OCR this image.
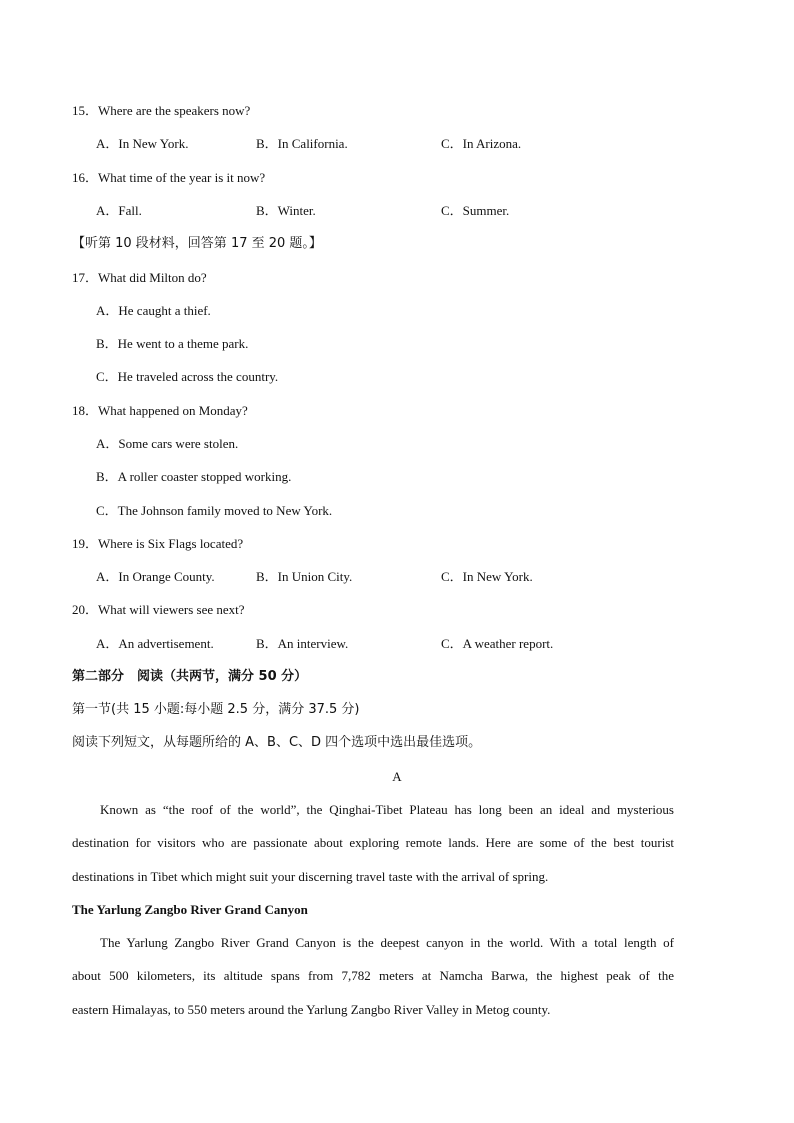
15．Where are the speakers now?
A．In New York.	B．In California.	C．In Arizona.
16．What time of the year is it now?
A．Fall.	B．Winter.	C．Summer.
【听第 10 段材料，回答第 17 至 20 题。】
17．What did Milton do?
A．He caught a thief.
B．He went to a theme park.
C．He traveled across the country.
18．What happened on Monday?
A．Some cars were stolen.
B．A roller coaster stopped working.
C．The Johnson family moved to New York.
19．Where is Six Flags located?
A．In Orange County.	B．In Union City.	C．In New York.
20．What will viewers see next?
A．An advertisement.	B．An interview.	C．A weather report.
第二部分　阅读（共两节，满分 50 分）
第一节(共 15 小题:每小题 2.5 分，满分 37.5 分)
阅读下列短文，从每题所给的 A、B、C、D 四个选项中选出最佳选项。
A
Known as “the roof of the world”, the Qinghai-Tibet Plateau has long been an ideal and mysterious
destination for visitors who are passionate about exploring remote lands. Here are some of the best tourist
destinations in Tibet which might suit your discerning travel taste with the arrival of spring.
The Yarlung Zangbo River Grand Canyon
The Yarlung Zangbo River Grand Canyon is the deepest canyon in the world. With a total length of
about 500 kilometers, its altitude spans from 7,782 meters at Namcha Barwa, the highest peak of the
eastern Himalayas, to 550 meters around the Yarlung Zangbo River Valley in Metog county.
